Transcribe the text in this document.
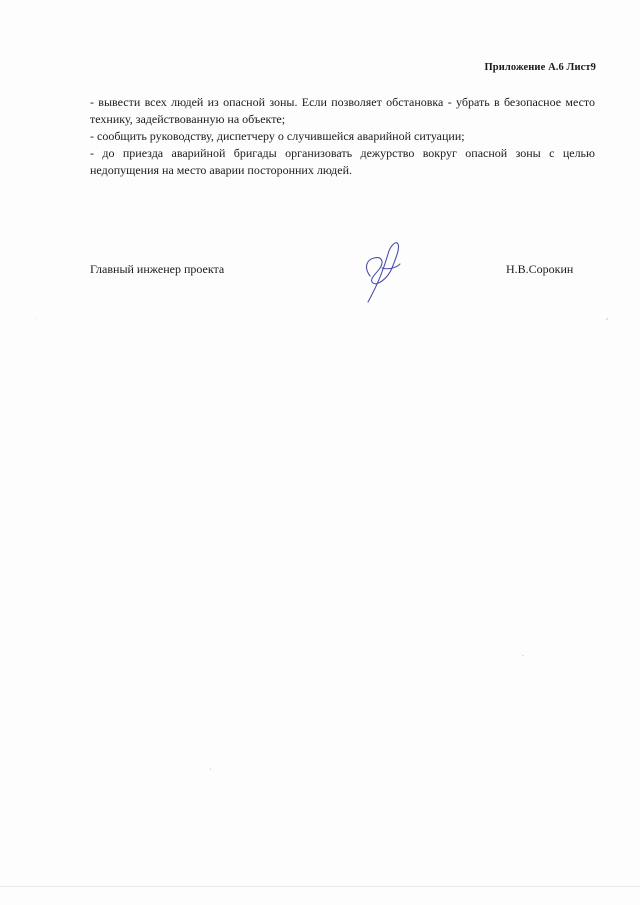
Приложение А.6 Лист9

- вывести всех людей из опасной зоны. Если позволяет обстановка - убрать в безопасное место технику, задействованную на объекте;

- сообщить руководству, диспетчеру о случившейся аварийной ситуации;

- до приезда аварийной бригады организовать дежурство вокруг опасной зоны с целью недопущения на место аварии посторонних людей.

Главный инженер проекта	Н.В.Сорокин
